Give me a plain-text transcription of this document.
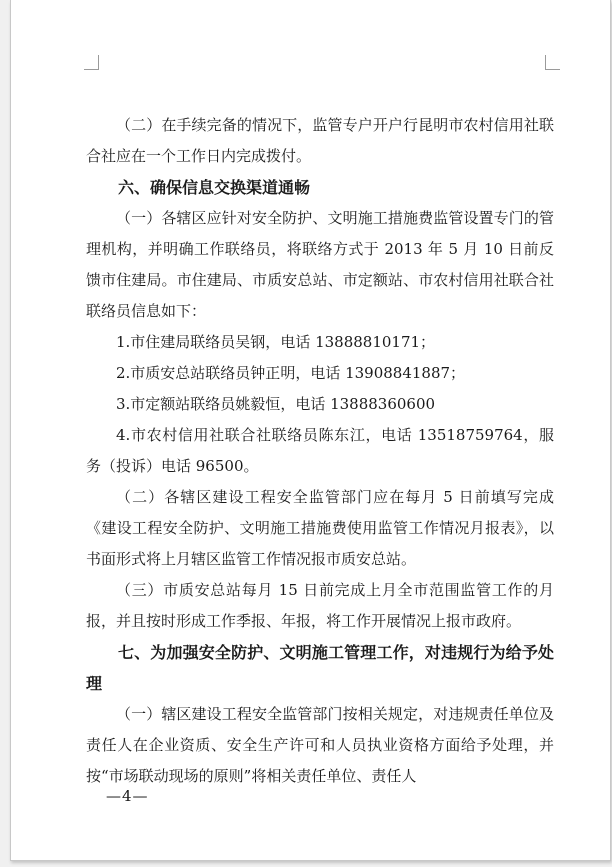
（二）在手续完备的情况下，监管专户开户行昆明市农村信用社联合社应在一个工作日内完成拨付。

六、确保信息交换渠道通畅

（一）各辖区应针对安全防护、文明施工措施费监管设置专门的管理机构，并明确工作联络员，将联络方式于 2013 年 5 月 10 日前反馈市住建局。市住建局、市质安总站、市定额站、市农村信用社联合社联络员信息如下：

1.市住建局联络员吴钢，电话 13888810171；

2.市质安总站联络员钟正明，电话 13908841887；

3.市定额站联络员姚毅恒，电话 13888360600

4.市农村信用社联合社联络员陈东江，电话 13518759764，服务（投诉）电话 96500。

（二）各辖区建设工程安全监管部门应在每月 5 日前填写完成《建设工程安全防护、文明施工措施费使用监管工作情况月报表》，以书面形式将上月辖区监管工作情况报市质安总站。

（三）市质安总站每月 15 日前完成上月全市范围监管工作的月报，并且按时形成工作季报、年报，将工作开展情况上报市政府。

七、为加强安全防护、文明施工管理工作，对违规行为给予处理

（一）辖区建设工程安全监管部门按相关规定，对违规责任单位及责任人在企业资质、安全生产许可和人员执业资格方面给予处理，并按“市场联动现场的原则”将相关责任单位、责任人

—4—
